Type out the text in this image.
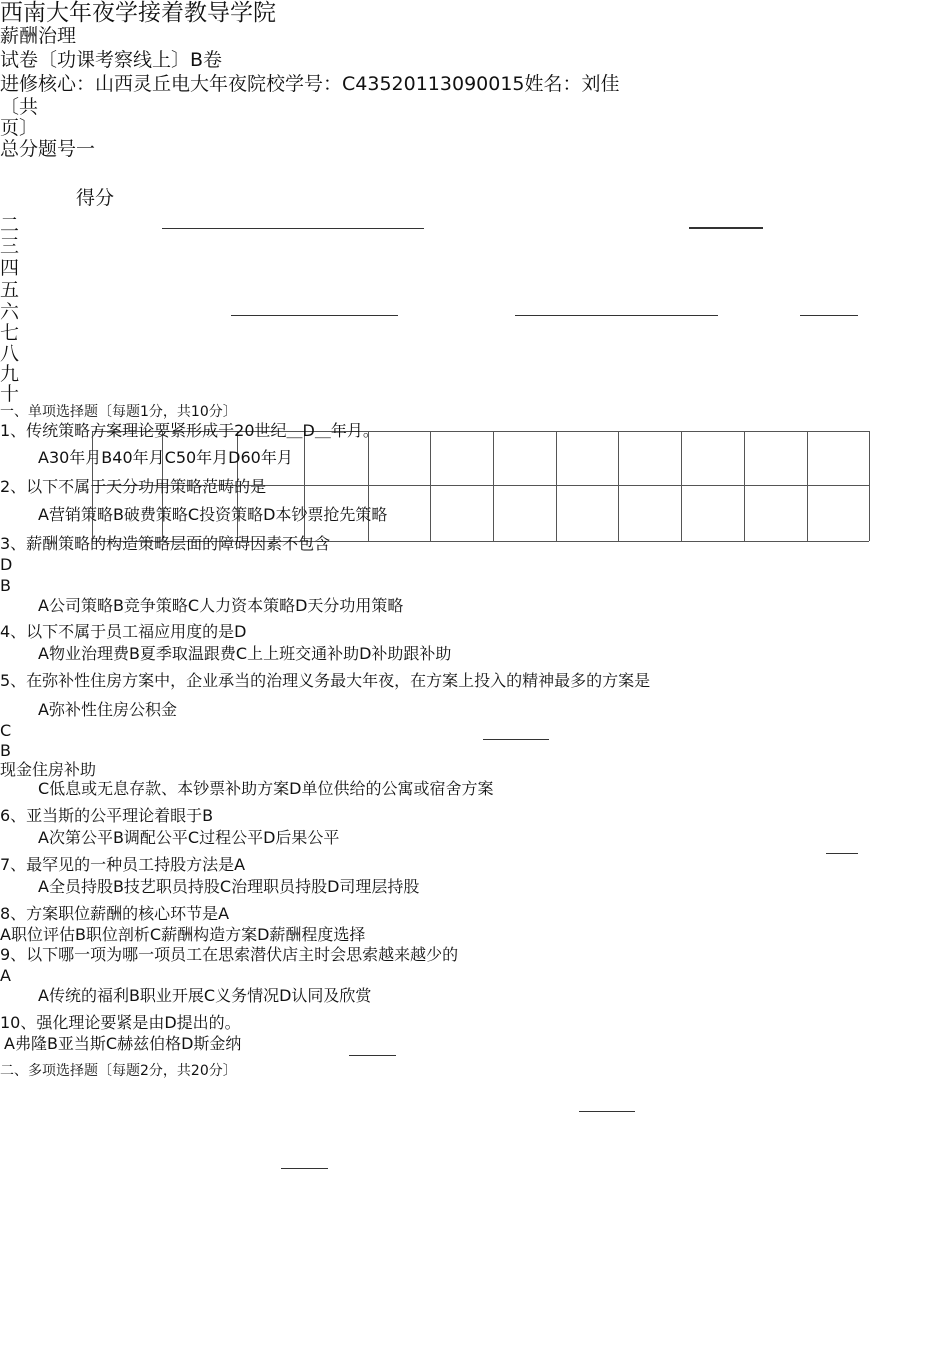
西南大年夜学接着教导学院
薪酬治理
试卷〔功课考察线上〕B卷
进修核心：山西灵丘电大年夜院校学号：C43520113090015姓名：刘佳
〔共
页〕
总分题号一
得分
二
三
四
五
六
七
八
九
十
一、单项选择题〔每题1分，共10分〕
1、传统策略方案理论要紧形成于20世纪＿D＿年月。
A30年月B40年月C50年月D60年月
2、以下不属于天分功用策略范畴的是
A营销策略B破费策略C投资策略D本钞票抢先策略
3、薪酬策略的构造策略层面的障碍因素不包含
D
B
A公司策略B竞争策略C人力资本策略D天分功用策略
4、以下不属于员工福应用度的是D
A物业治理费B夏季取温跟费C上上班交通补助D补助跟补助
5、在弥补性住房方案中，企业承当的治理义务最大年夜，在方案上投入的精神最多的方案是
A弥补性住房公积金
C
B
现金住房补助
C低息或无息存款、本钞票补助方案D单位供给的公寓或宿舍方案
6、亚当斯的公平理论着眼于B
A次第公平B调配公平C过程公平D后果公平
7、最罕见的一种员工持股方法是A
A全员持股B技艺职员持股C治理职员持股D司理层持股
8、方案职位薪酬的核心环节是A
A职位评估B职位剖析C薪酬构造方案D薪酬程度选择
9、以下哪一项为哪一项员工在思索潜伏店主时会思索越来越少的
A
A传统的福利B职业开展C义务情况D认同及欣赏
10、强化理论要紧是由D提出的。
A弗隆B亚当斯C赫兹伯格D斯金纳
二、多项选择题〔每题2分，共20分〕
